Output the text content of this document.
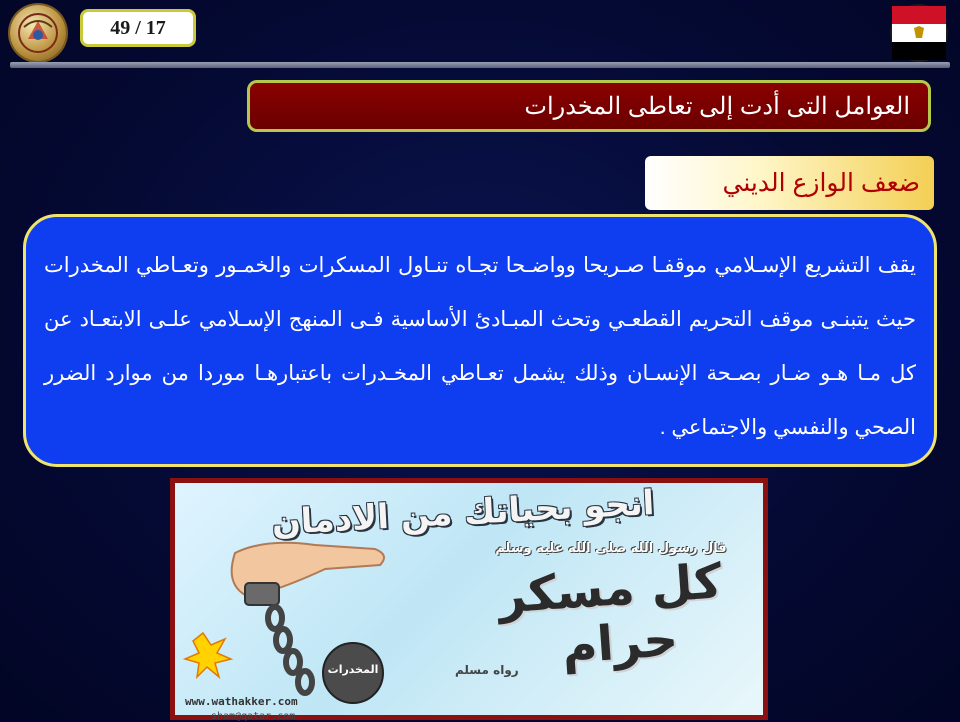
49 / 17
العوامل التى أدت إلى تعاطى المخدرات
ضعف الوازع الديني
يقف التشريع الإسـلامي موقفـا صـريحا وواضـحا تجـاه تنـاول المسكرات والخمـور وتعـاطي المخدرات حيث يتبنـى موقف التحريم القطعـي وتحث المبـادئ الأساسية فـى المنهج الإسـلامي علـى الابتعـاد عن كل مـا هـو ضـار بصـحة الإنسـان وذلك يشمل تعـاطي المخـدرات باعتبارهـا موردا من موارد الضرر الصحي والنفسي والاجتماعي .
المخدرات
انجو بحياتك من الادمان
قال رسول الله صلى الله عليه وسلم
كل مسكر
حرام
رواه مسلم
www.wathakker.com
sham@qatar.com
